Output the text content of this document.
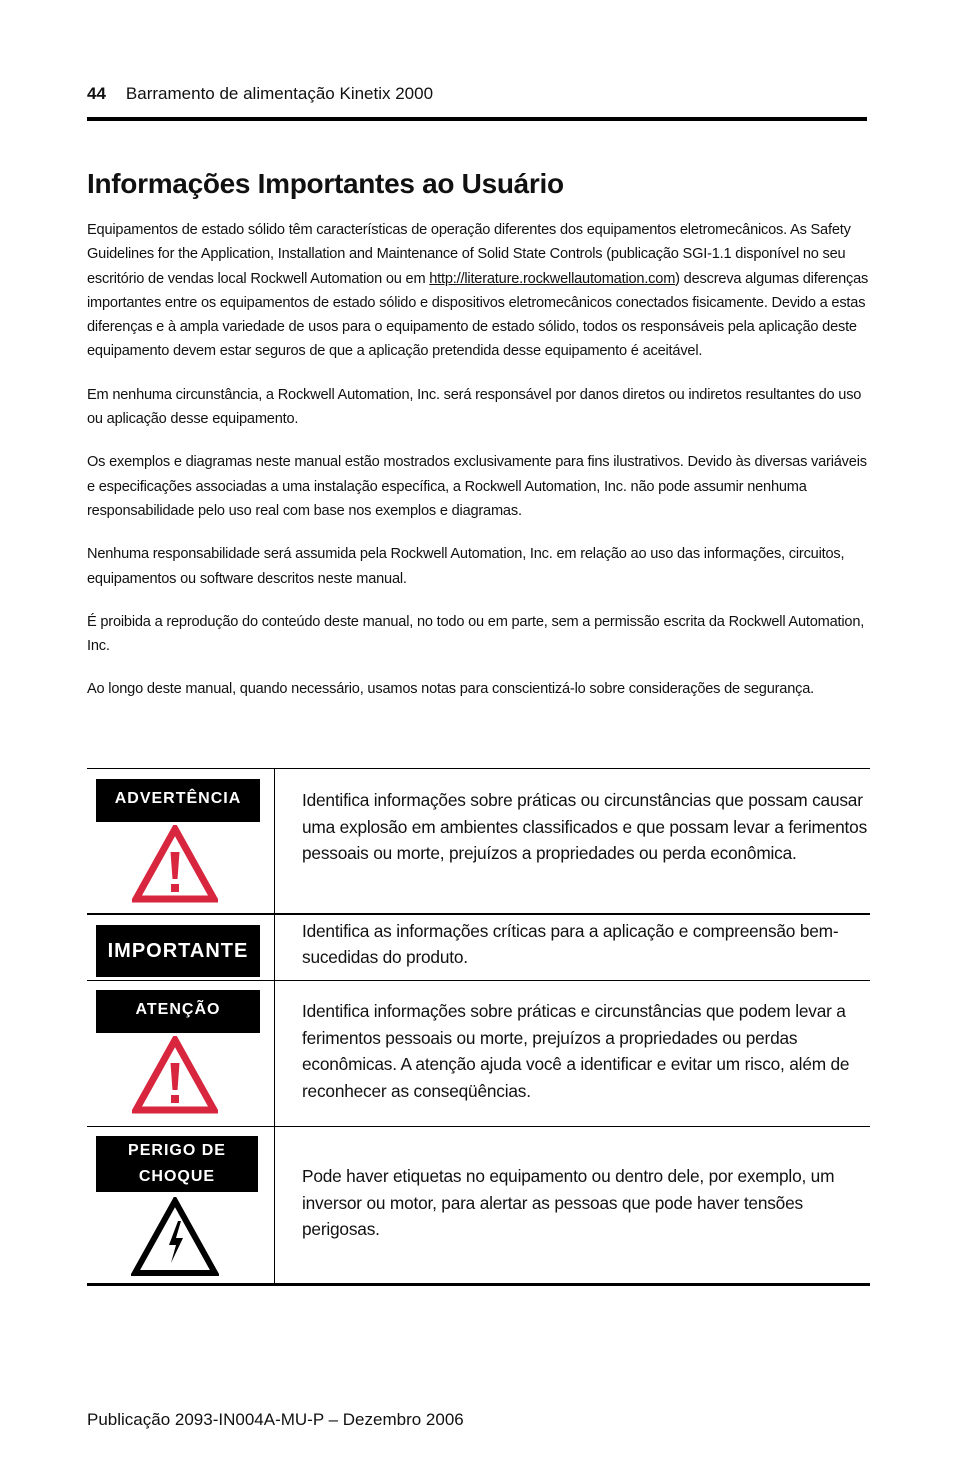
44 Barramento de alimentação Kinetix 2000
Informações Importantes ao Usuário

Equipamentos de estado sólido têm características de operação diferentes dos equipamentos eletromecânicos. As Safety Guidelines for the Application, Installation and Maintenance of Solid State Controls (publicação SGI-1.1 disponível no seu escritório de vendas local Rockwell Automation ou em http://literature.rockwellautomation.com) descreva algumas diferenças importantes entre os equipamentos de estado sólido e dispositivos eletromecânicos conectados fisicamente. Devido a estas diferenças e à ampla variedade de usos para o equipamento de estado sólido, todos os responsáveis pela aplicação deste equipamento devem estar seguros de que a aplicação pretendida desse equipamento é aceitável.

Em nenhuma circunstância, a Rockwell Automation, Inc. será responsável por danos diretos ou indiretos resultantes do uso ou aplicação desse equipamento.

Os exemplos e diagramas neste manual estão mostrados exclusivamente para fins ilustrativos. Devido às diversas variáveis e especificações associadas a uma instalação específica, a Rockwell Automation, Inc. não pode assumir nenhuma responsabilidade pelo uso real com base nos exemplos e diagramas.

Nenhuma responsabilidade será assumida pela Rockwell Automation, Inc. em relação ao uso das informações, circuitos, equipamentos ou software descritos neste manual.

É proibida a reprodução do conteúdo deste manual, no todo ou em parte, sem a permissão escrita da Rockwell Automation, Inc.

Ao longo deste manual, quando necessário, usamos notas para conscientizá-lo sobre considerações de segurança.

ADVERTÊNCIA	Identifica informações sobre práticas ou circunstâncias que possam causar uma explosão em ambientes classificados e que possam levar a ferimentos pessoais ou morte, prejuízos a propriedades ou perda econômica.

IMPORTANTE	Identifica as informações críticas para a aplicação e compreensão bem-sucedidas do produto.

ATENÇÃO	Identifica informações sobre práticas e circunstâncias que podem levar a ferimentos pessoais ou morte, prejuízos a propriedades ou perdas econômicas. A atenção ajuda você a identificar e evitar um risco, além de reconhecer as conseqüências.

PERIGO DE
CHOQUE	Pode haver etiquetas no equipamento ou dentro dele, por exemplo, um inversor ou motor, para alertar as pessoas que pode haver tensões perigosas.
Publicação 2093-IN004A-MU-P – Dezembro 2006
